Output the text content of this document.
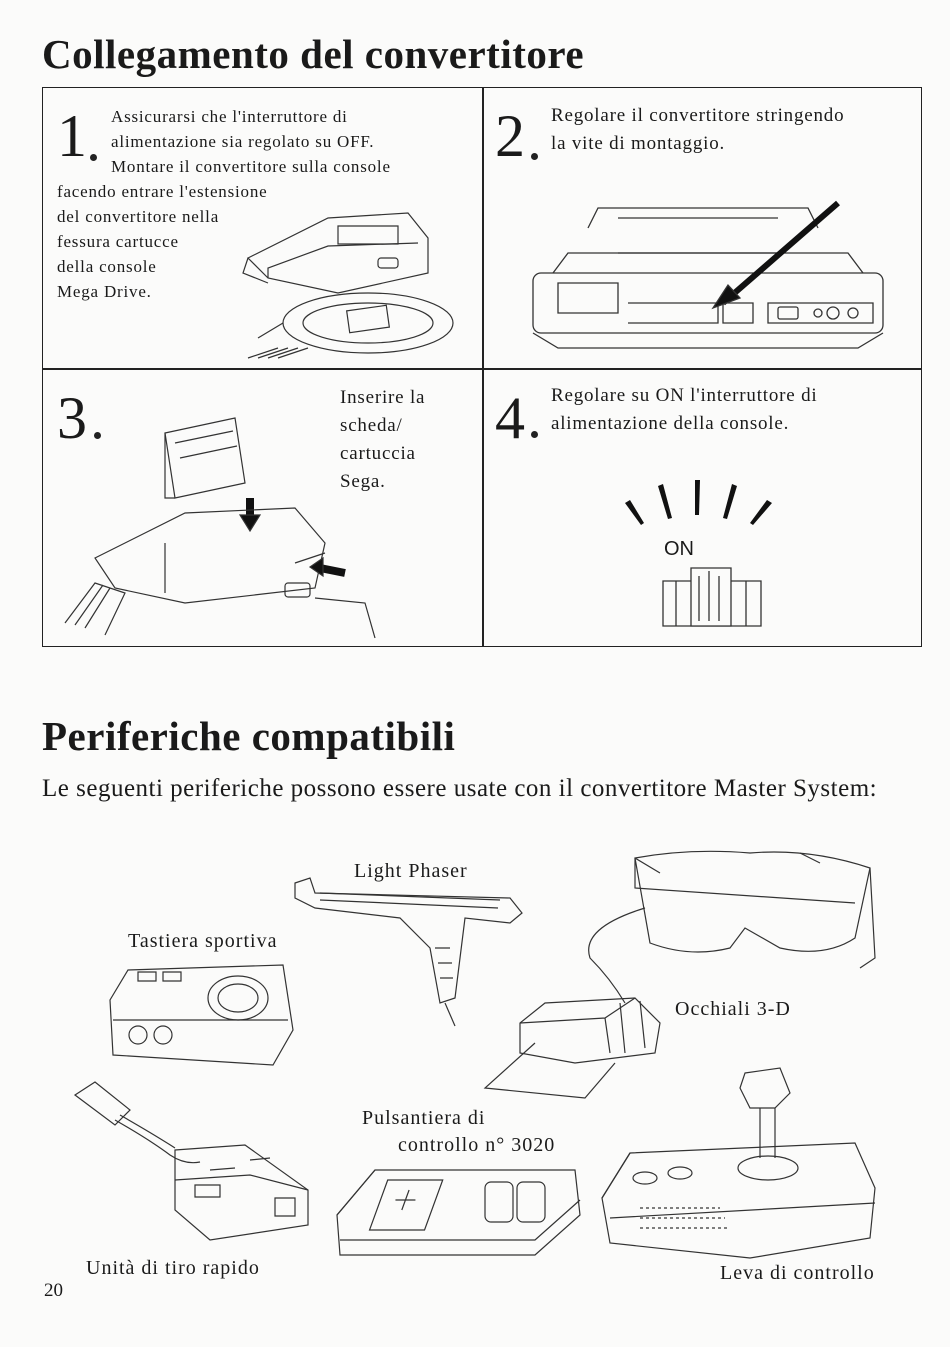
Collegamento del convertitore
1 Assicurarsi che l'interruttore di
alimentazione sia regolato su OFF.
Montare il convertitore sulla console
facendo entrare l'estensione
del convertitore nella
fessura cartucce
della console
Mega Drive.
2 Regolare il convertitore stringendo
la vite di montaggio.
3	Inserire la
scheda/
cartuccia
Sega.
4 Regolare su ON l'interruttore di
alimentazione della console.
ON
Periferiche compatibili
Le seguenti periferiche possono essere usate con il convertitore Master System:
Light Phaser
Tastiera sportiva
Occhiali 3-D
Unità di tiro rapido
Pulsantiera di
controllo n° 3020
Leva di controllo
20
